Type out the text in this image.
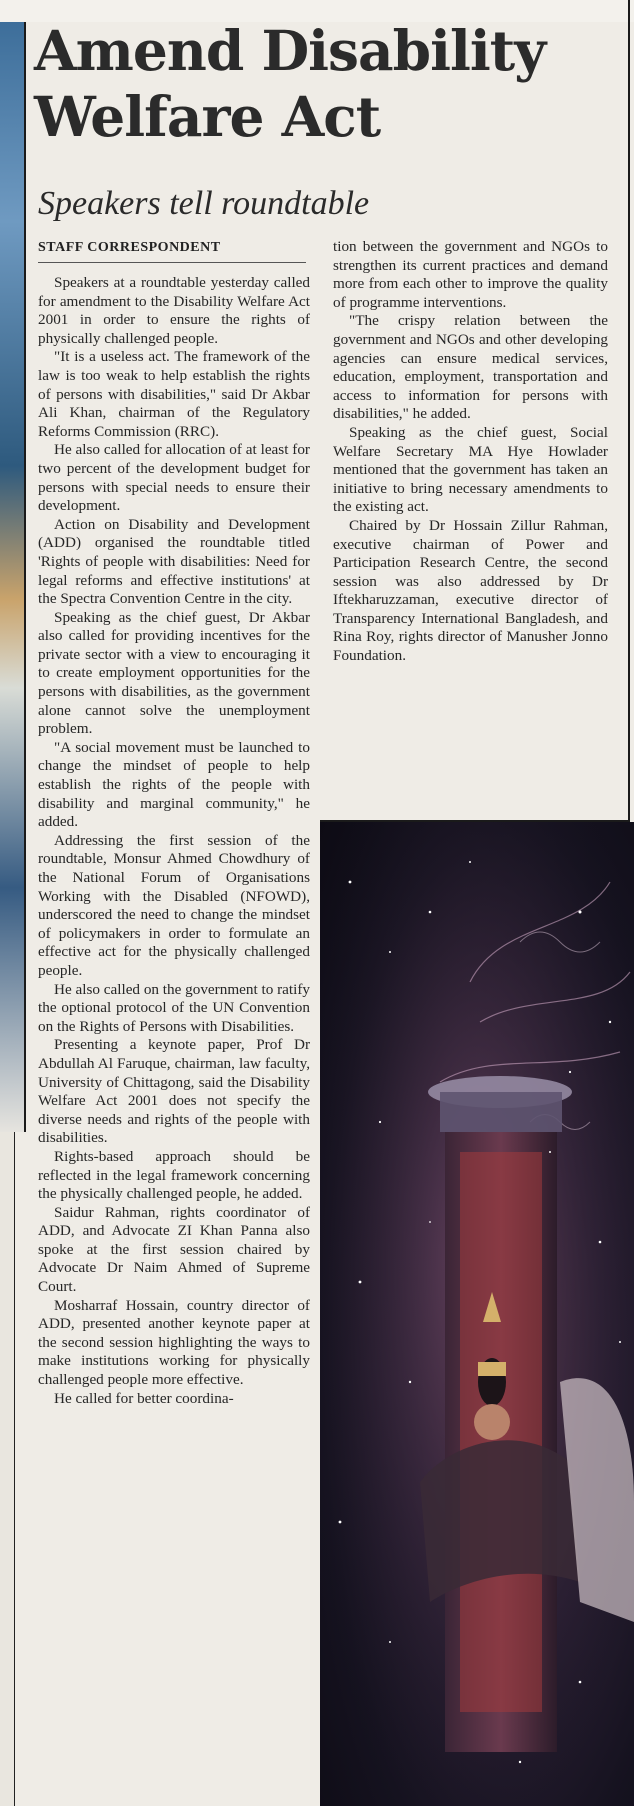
Amend Disability
Welfare Act
Speakers tell roundtable
STAFF CORRESPONDENT

Speakers at a roundtable yesterday called for amendment to the Disability Welfare Act 2001 in order to ensure the rights of physically challenged people.

"It is a useless act. The framework of the law is too weak to help establish the rights of persons with disabilities," said Dr Akbar Ali Khan, chairman of the Regulatory Reforms Commission (RRC).

He also called for allocation of at least for two percent of the development budget for persons with special needs to ensure their development.

Action on Disability and Development (ADD) organised the roundtable titled 'Rights of people with disabilities: Need for legal reforms and effective institutions' at the Spectra Convention Centre in the city.

Speaking as the chief guest, Dr Akbar also called for providing incentives for the private sector with a view to encouraging it to create employment opportunities for the persons with disabilities, as the government alone cannot solve the unemployment problem.

"A social movement must be launched to change the mindset of people to help establish the rights of the people with disability and marginal community," he added.

Addressing the first session of the roundtable, Monsur Ahmed Chowdhury of the National Forum of Organisations Working with the Disabled (NFOWD), underscored the need to change the mindset of policymakers in order to formulate an effective act for the physically challenged people.

He also called on the government to ratify the optional protocol of the UN Convention on the Rights of Persons with Disabilities.

Presenting a keynote paper, Prof Dr Abdullah Al Faruque, chairman, law faculty, University of Chittagong, said the Disability Welfare Act 2001 does not specify the diverse needs and rights of the people with disabilities.

Rights-based approach should be reflected in the legal framework concerning the physically challenged people, he added.

Saidur Rahman, rights coordinator of ADD, and Advocate ZI Khan Panna also spoke at the first session chaired by Advocate Dr Naim Ahmed of Supreme Court.

Mosharraf Hossain, country director of ADD, presented another keynote paper at the second session highlighting the ways to make institutions working for physically challenged people more effective.

He called for better coordina-

tion between the government and NGOs to strengthen its current practices and demand more from each other to improve the quality of programme interventions.

"The crispy relation between the government and NGOs and other developing agencies can ensure medical services, education, employment, transportation and access to information for persons with disabilities," he added.

Speaking as the chief guest, Social Welfare Secretary MA Hye Howlader mentioned that the government has taken an initiative to bring necessary amendments to the existing act.

Chaired by Dr Hossain Zillur Rahman, executive chairman of Power and Participation Research Centre, the second session was also addressed by Dr Iftekharuzzaman, executive director of Transparency International Bangladesh, and Rina Roy, rights director of Manusher Jonno Foundation.
